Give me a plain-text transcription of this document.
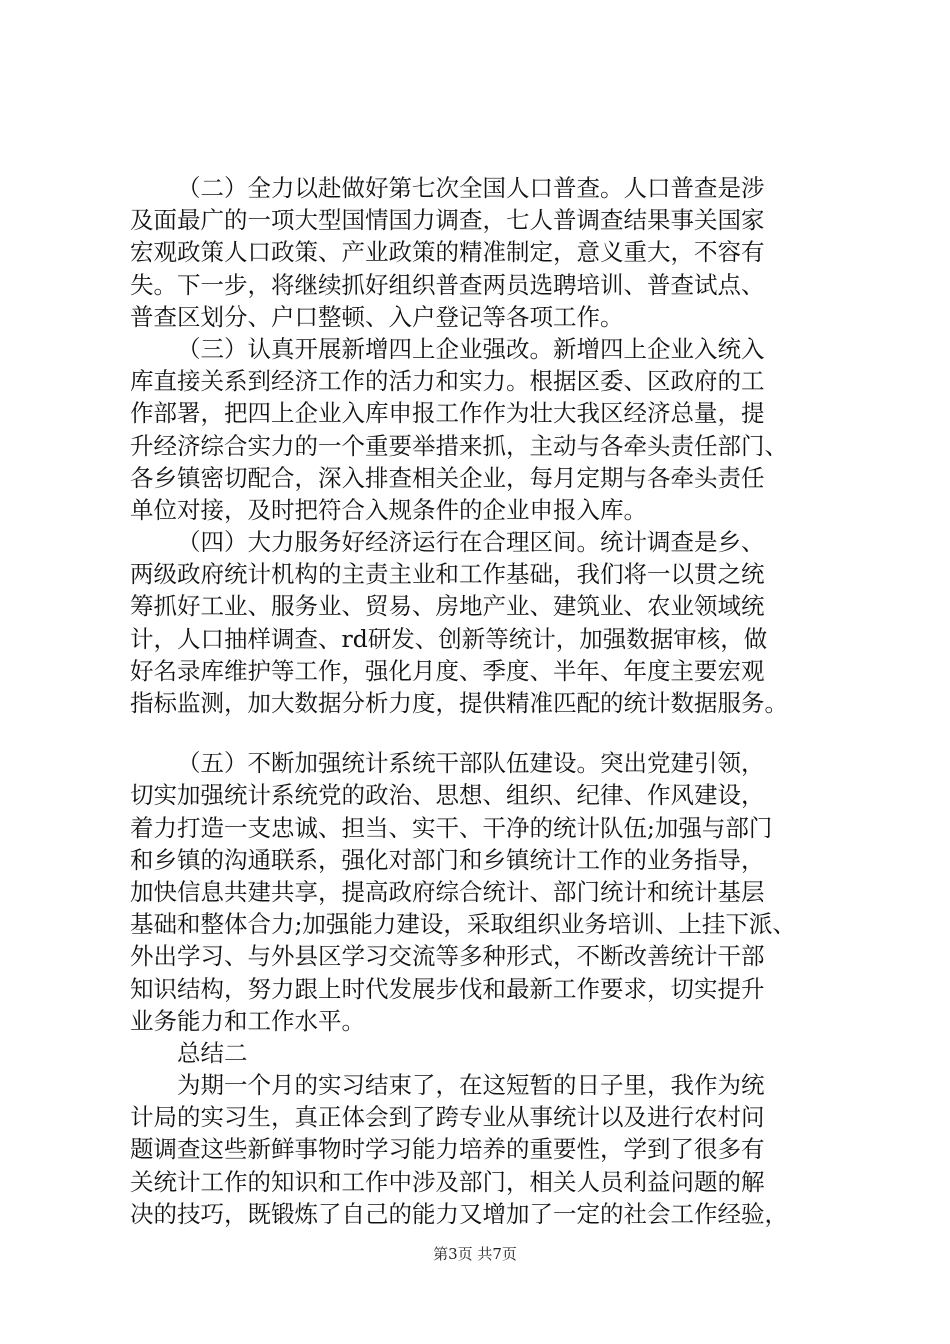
（二）全力以赴做好第七次全国人口普查。人口普查是涉
及面最广的一项大型国情国力调查，七人普调查结果事关国家
宏观政策人口政策、产业政策的精准制定，意义重大，不容有
失。下一步，将继续抓好组织普查两员选聘培训、普查试点、
普查区划分、户口整顿、入户登记等各项工作。
（三）认真开展新增四上企业强改。新增四上企业入统入
库直接关系到经济工作的活力和实力。根据区委、区政府的工
作部署，把四上企业入库申报工作作为壮大我区经济总量，提
升经济综合实力的一个重要举措来抓，主动与各牵头责任部门、
各乡镇密切配合，深入排查相关企业，每月定期与各牵头责任
单位对接，及时把符合入规条件的企业申报入库。
（四）大力服务好经济运行在合理区间。统计调查是乡、
两级政府统计机构的主责主业和工作基础，我们将一以贯之统
筹抓好工业、服务业、贸易、房地产业、建筑业、农业领域统
计，人口抽样调查、rd研发、创新等统计，加强数据审核，做
好名录库维护等工作，强化月度、季度、半年、年度主要宏观
指标监测，加大数据分析力度，提供精准匹配的统计数据服务。
（五）不断加强统计系统干部队伍建设。突出党建引领，
切实加强统计系统党的政治、思想、组织、纪律、作风建设，
着力打造一支忠诚、担当、实干、干净的统计队伍;加强与部门
和乡镇的沟通联系，强化对部门和乡镇统计工作的业务指导，
加快信息共建共享，提高政府综合统计、部门统计和统计基层
基础和整体合力;加强能力建设，采取组织业务培训、上挂下派、
外出学习、与外县区学习交流等多种形式，不断改善统计干部
知识结构，努力跟上时代发展步伐和最新工作要求，切实提升
业务能力和工作水平。
总结二
为期一个月的实习结束了，在这短暂的日子里，我作为统
计局的实习生，真正体会到了跨专业从事统计以及进行农村问
题调查这些新鲜事物时学习能力培养的重要性，学到了很多有
关统计工作的知识和工作中涉及部门，相关人员利益问题的解
决的技巧，既锻炼了自己的能力又增加了一定的社会工作经验，
第3页 共7页
